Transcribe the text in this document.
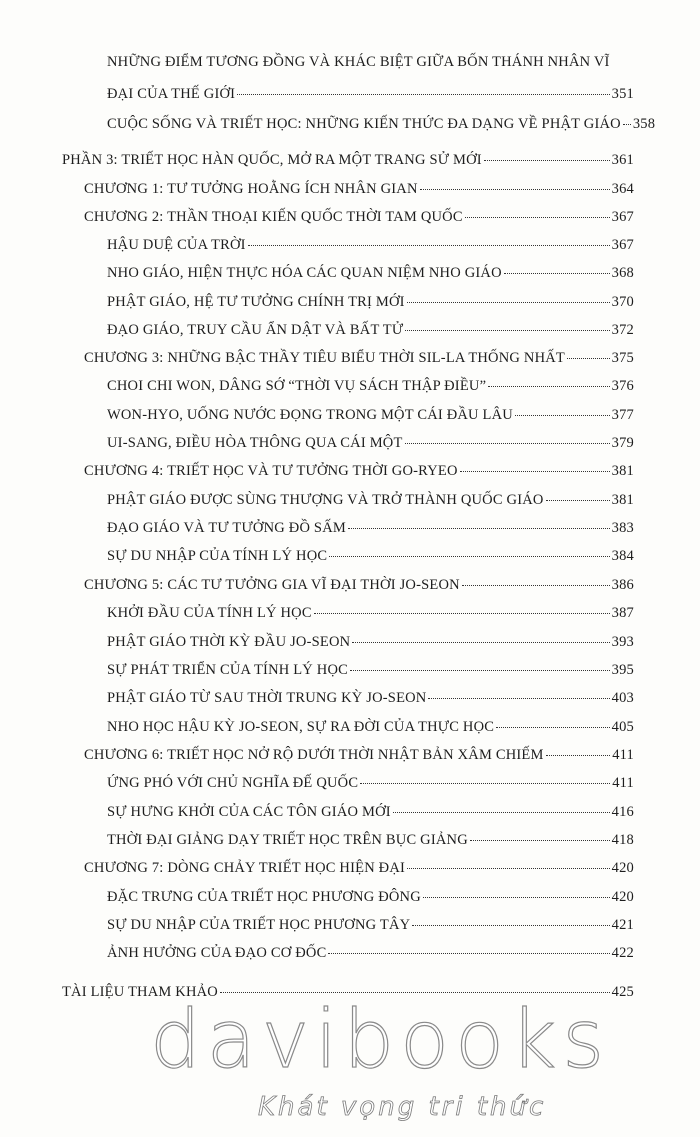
NHỮNG ĐIỂM TƯƠNG ĐỒNG VÀ KHÁC BIỆT GIỮA BỐN THÁNH NHÂN VĨ
ĐẠI CỦA THẾ GIỚI	351
CUỘC SỐNG VÀ TRIẾT HỌC: NHỮNG KIẾN THỨC ĐA DẠNG VỀ PHẬT GIÁO 358
PHẦN 3: TRIẾT HỌC HÀN QUỐC, MỞ RA MỘT TRANG SỬ MỚI	361
CHƯƠNG 1: TƯ TƯỞNG HOẰNG ÍCH NHÂN GIAN	364
CHƯƠNG 2: THẦN THOẠI KIẾN QUỐC THỜI TAM QUỐC	367
HẬU DUỆ CỦA TRỜI	367
NHO GIÁO, HIỆN THỰC HÓA CÁC QUAN NIỆM NHO GIÁO	368
PHẬT GIÁO, HỆ TƯ TƯỞNG CHÍNH TRỊ MỚI	370
ĐẠO GIÁO, TRUY CẦU ẨN DẬT VÀ BẤT TỬ	372
CHƯƠNG 3: NHỮNG BẬC THẦY TIÊU BIỂU THỜI SIL-LA THỐNG NHẤT	375
CHOI CHI WON, DÂNG SỚ “THỜI VỤ SÁCH THẬP ĐIỀU”	376
WON-HYO, UỐNG NƯỚC ĐỌNG TRONG MỘT CÁI ĐẦU LÂU	377
UI-SANG, ĐIỀU HÒA THÔNG QUA CÁI MỘT	379
CHƯƠNG 4: TRIẾT HỌC VÀ TƯ TƯỞNG THỜI GO-RYEO	381
PHẬT GIÁO ĐƯỢC SÙNG THƯỢNG VÀ TRỞ THÀNH QUỐC GIÁO	381
ĐẠO GIÁO VÀ TƯ TƯỞNG ĐỒ SẤM	383
SỰ DU NHẬP CỦA TÍNH LÝ HỌC	384
CHƯƠNG 5: CÁC TƯ TƯỞNG GIA VĨ ĐẠI THỜI JO-SEON	386
KHỞI ĐẦU CỦA TÍNH LÝ HỌC	387
PHẬT GIÁO THỜI KỲ ĐẦU JO-SEON	393
SỰ PHÁT TRIỂN CỦA TÍNH LÝ HỌC	395
PHẬT GIÁO TỪ SAU THỜI TRUNG KỲ JO-SEON	403
NHO HỌC HẬU KỲ JO-SEON, SỰ RA ĐỜI CỦA THỰC HỌC	405
CHƯƠNG 6: TRIẾT HỌC NỞ RỘ DƯỚI THỜI NHẬT BẢN XÂM CHIẾM	411
ỨNG PHÓ VỚI CHỦ NGHĨA ĐẾ QUỐC	411
SỰ HƯNG KHỞI CỦA CÁC TÔN GIÁO MỚI	416
THỜI ĐẠI GIẢNG DẠY TRIẾT HỌC TRÊN BỤC GIẢNG	418
CHƯƠNG 7: DÒNG CHẢY TRIẾT HỌC HIỆN ĐẠI	420
ĐẶC TRƯNG CỦA TRIẾT HỌC PHƯƠNG ĐÔNG	420
SỰ DU NHẬP CỦA TRIẾT HỌC PHƯƠNG TÂY	421
ẢNH HƯỞNG CỦA ĐẠO CƠ ĐỐC	422
TÀI LIỆU THAM KHẢO	425
davibooks
Khát vọng tri thức
